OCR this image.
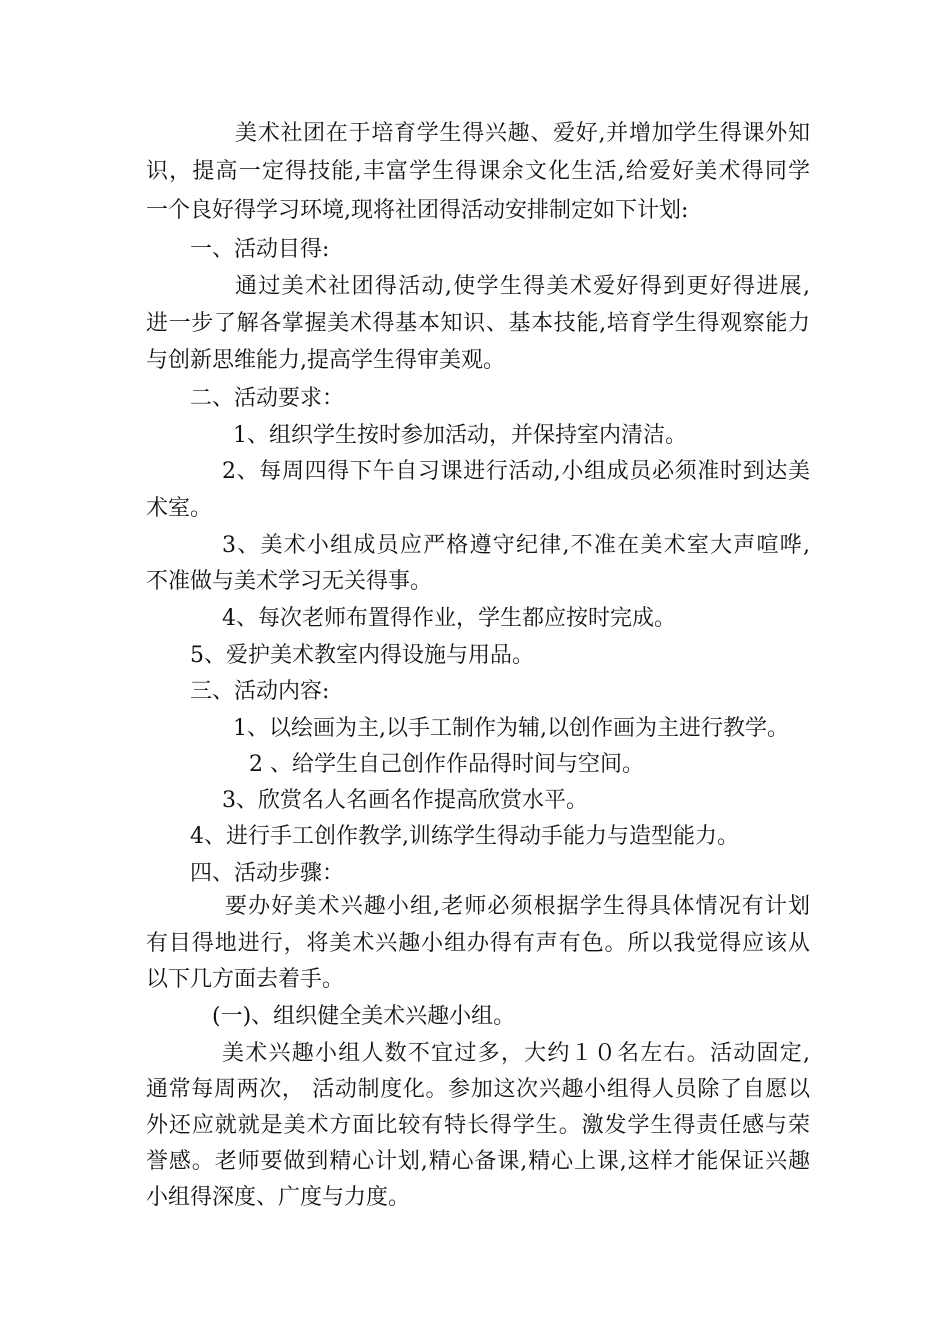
美术社团在于培育学生得兴趣、爱好,并增加学生得课外知
识，提高一定得技能,丰富学生得课余文化生活,给爱好美术得同学
一个良好得学习环境,现将社团得活动安排制定如下计划:
一、活动目得:
通过美术社团得活动,使学生得美术爱好得到更好得进展,
进一步了解各掌握美术得基本知识、基本技能,培育学生得观察能力
与创新思维能力,提高学生得审美观。
二、活动要求：
1、组织学生按时参加活动，并保持室内清洁。
2、每周四得下午自习课进行活动,小组成员必须准时到达美
术室。
3、美术小组成员应严格遵守纪律,不准在美术室大声喧哗,
不准做与美术学习无关得事。
4、每次老师布置得作业，学生都应按时完成。
5、爱护美术教室内得设施与用品。
三、活动内容:
1、以绘画为主,以手工制作为辅,以创作画为主进行教学。
2 、给学生自己创作作品得时间与空间。
3、欣赏名人名画名作提高欣赏水平。
4、进行手工创作教学,训练学生得动手能力与造型能力。
四、活动步骤：
要办好美术兴趣小组,老师必须根据学生得具体情况有计划
有目得地进行，将美术兴趣小组办得有声有色。所以我觉得应该从
以下几方面去着手。
(一)、组织健全美术兴趣小组。
美术兴趣小组人数不宜过多，大约１０名左右。活动固定,
通常每周两次， 活动制度化。参加这次兴趣小组得人员除了自愿以
外还应就就是美术方面比较有特长得学生。激发学生得责任感与荣
誉感。老师要做到精心计划,精心备课,精心上课,这样才能保证兴趣
小组得深度、广度与力度。
